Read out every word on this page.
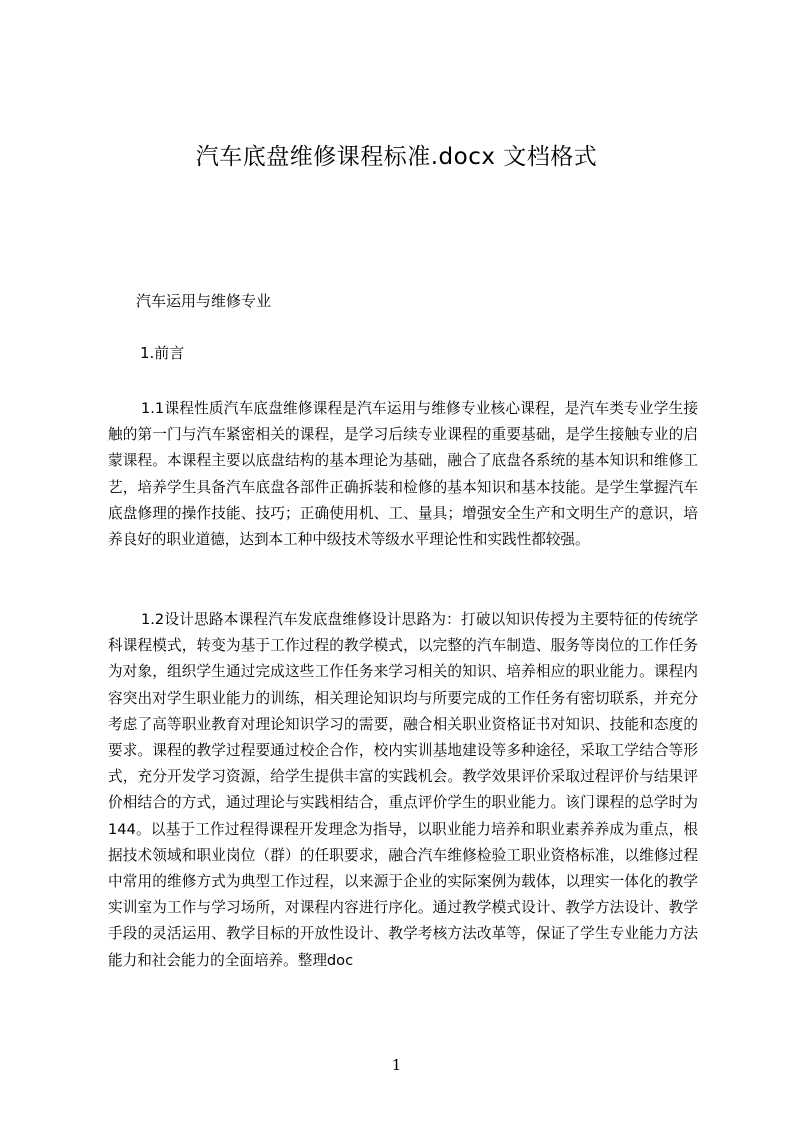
汽车底盘维修课程标准.docx 文档格式

汽车运用与维修专业

1.前言

1.1课程性质汽车底盘维修课程是汽车运用与维修专业核心课程，是汽车类专业学生接触的第一门与汽车紧密相关的课程，是学习后续专业课程的重要基础，是学生接触专业的启蒙课程。本课程主要以底盘结构的基本理论为基础，融合了底盘各系统的基本知识和维修工艺，培养学生具备汽车底盘各部件正确拆装和检修的基本知识和基本技能。是学生掌握汽车底盘修理的操作技能、技巧；正确使用机、工、量具；增强安全生产和文明生产的意识，培养良好的职业道德，达到本工种中级技术等级水平理论性和实践性都较强。

1.2设计思路本课程汽车发底盘维修设计思路为：打破以知识传授为主要特征的传统学科课程模式，转变为基于工作过程的教学模式，以完整的汽车制造、服务等岗位的工作任务为对象，组织学生通过完成这些工作任务来学习相关的知识、培养相应的职业能力。课程内容突出对学生职业能力的训练，相关理论知识均与所要完成的工作任务有密切联系，并充分考虑了高等职业教育对理论知识学习的需要，融合相关职业资格证书对知识、技能和态度的要求。课程的教学过程要通过校企合作，校内实训基地建设等多种途径，采取工学结合等形式，充分开发学习资源，给学生提供丰富的实践机会。教学效果评价采取过程评价与结果评价相结合的方式，通过理论与实践相结合，重点评价学生的职业能力。该门课程的总学时为144。以基于工作过程得课程开发理念为指导，以职业能力培养和职业素养养成为重点，根据技术领域和职业岗位（群）的任职要求，融合汽车维修检验工职业资格标准，以维修过程中常用的维修方式为典型工作过程，以来源于企业的实际案例为载体，以理实一体化的教学实训室为工作与学习场所，对课程内容进行序化。通过教学模式设计、教学方法设计、教学手段的灵活运用、教学目标的开放性设计、教学考核方法改革等，保证了学生专业能力方法能力和社会能力的全面培养。整理doc

1
